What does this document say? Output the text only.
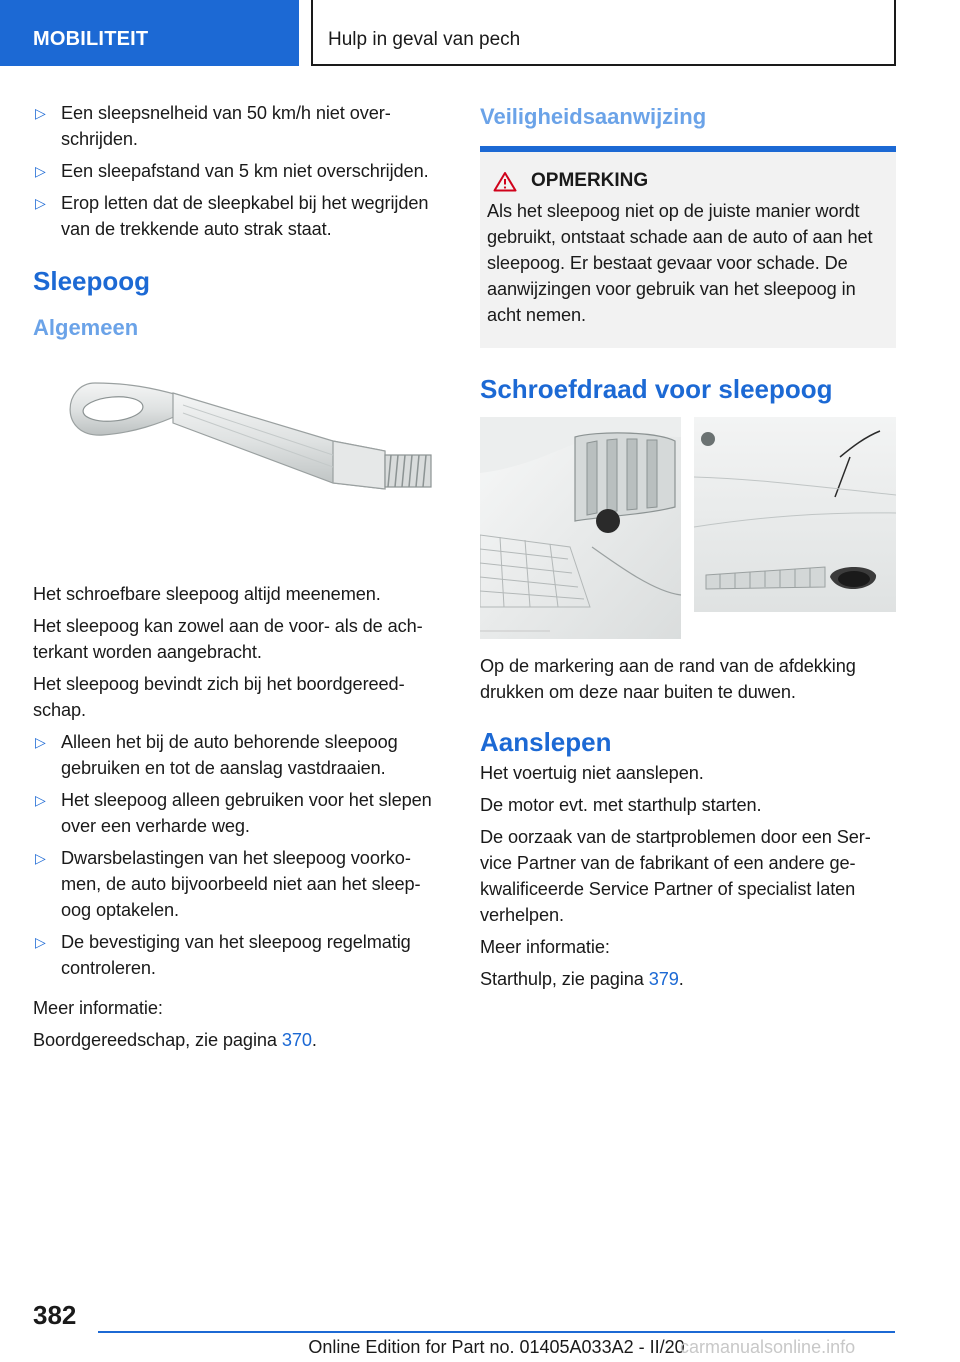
MOBILITEIT	Hulp in geval van pech
▷ Een sleepsnelheid van 50 km/h niet overschrijden.
▷ Een sleepafstand van 5 km niet overschrijden.
▷ Erop letten dat de sleepkabel bij het wegrijden van de trekkende auto strak staat.
Sleepoog
Algemeen

Het schroefbare sleepoog altijd meenemen.

Het sleepoog kan zowel aan de voor- als de achterkant worden aangebracht.

Het sleepoog bevindt zich bij het boordgereedschap.

▷ Alleen het bij de auto behorende sleepoog gebruiken en tot de aanslag vastdraaien.
▷ Het sleepoog alleen gebruiken voor het slepen over een verharde weg.
▷ Dwarsbelastingen van het sleepoog voorkomen, de auto bijvoorbeeld niet aan het sleepoog optakelen.
▷ De bevestiging van het sleepoog regelmatig controleren.

Meer informatie:

Boordgereedschap, zie pagina 370.

Veiligheidsaanwijzing
OPMERKING
Als het sleepoog niet op de juiste manier wordt gebruikt, ontstaat schade aan de auto of aan het sleepoog. Er bestaat gevaar voor schade. De aanwijzingen voor gebruik van het sleepoog in acht nemen.
Schroefdraad voor sleepoog

Op de markering aan de rand van de afdekking drukken om deze naar buiten te duwen.

Aanslepen

Het voertuig niet aanslepen.

De motor evt. met starthulp starten.

De oorzaak van de startproblemen door een Service Partner van de fabrikant of een andere gekwalificeerde Service Partner of specialist laten verhelpen.

Meer informatie:

Starthulp, zie pagina 379.

382
Online Edition for Part no. 01405A033A2 - II/20
carmanualsonline.info
